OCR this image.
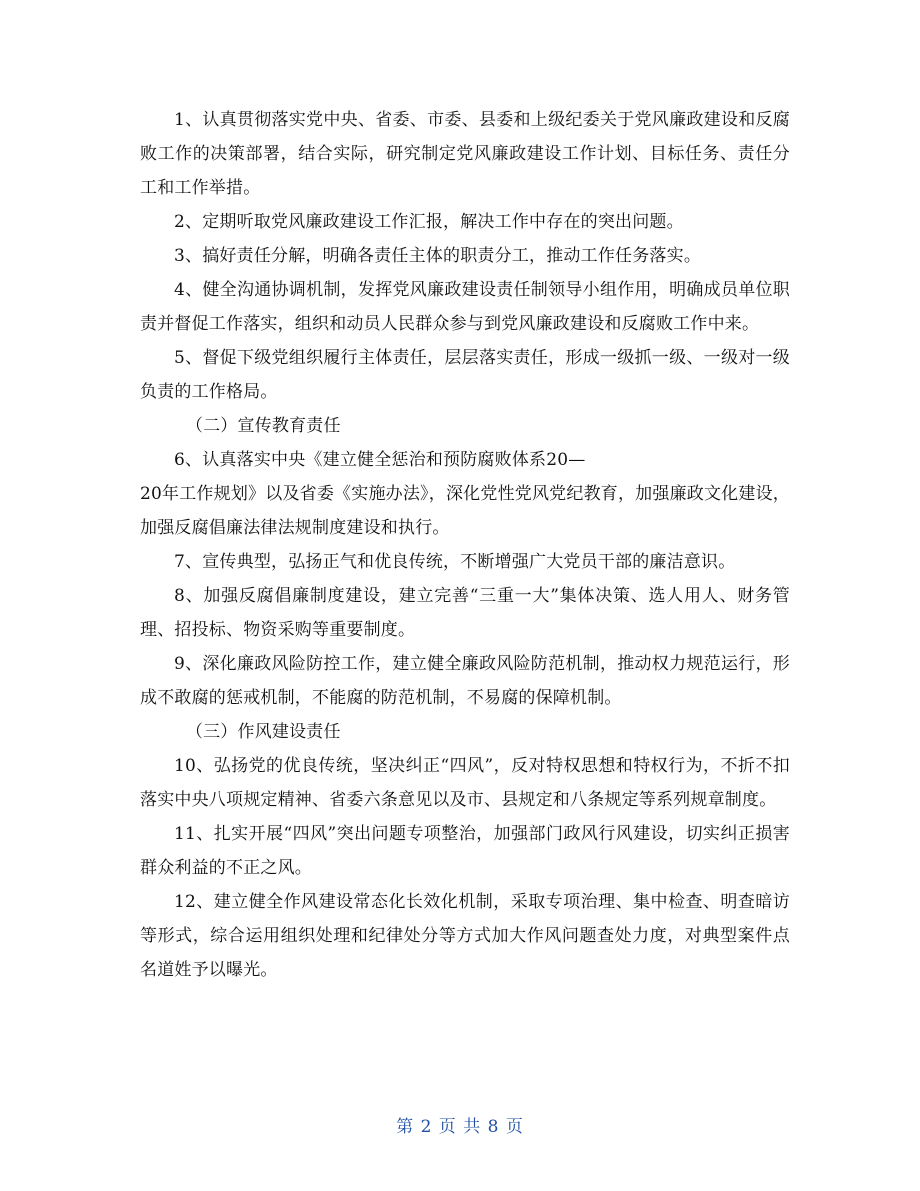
1、认真贯彻落实党中央、省委、市委、县委和上级纪委关于党风廉政建设和反腐败工作的决策部署，结合实际，研究制定党风廉政建设工作计划、目标任务、责任分工和工作举措。

2、定期听取党风廉政建设工作汇报，解决工作中存在的突出问题。

3、搞好责任分解，明确各责任主体的职责分工，推动工作任务落实。

4、健全沟通协调机制，发挥党风廉政建设责任制领导小组作用，明确成员单位职责并督促工作落实，组织和动员人民群众参与到党风廉政建设和反腐败工作中来。

5、督促下级党组织履行主体责任，层层落实责任，形成一级抓一级、一级对一级负责的工作格局。

（二）宣传教育责任

6、认真落实中央《建立健全惩治和预防腐败体系20—

20年工作规划》以及省委《实施办法》，深化党性党风党纪教育，加强廉政文化建设，加强反腐倡廉法律法规制度建设和执行。

7、宣传典型，弘扬正气和优良传统，不断增强广大党员干部的廉洁意识。

8、加强反腐倡廉制度建设，建立完善“三重一大”集体决策、选人用人、财务管理、招投标、物资采购等重要制度。

9、深化廉政风险防控工作，建立健全廉政风险防范机制，推动权力规范运行，形成不敢腐的惩戒机制，不能腐的防范机制，不易腐的保障机制。

（三）作风建设责任

10、弘扬党的优良传统，坚决纠正“四风”，反对特权思想和特权行为，不折不扣落实中央八项规定精神、省委六条意见以及市、县规定和八条规定等系列规章制度。

11、扎实开展“四风”突出问题专项整治，加强部门政风行风建设，切实纠正损害群众利益的不正之风。

12、建立健全作风建设常态化长效化机制，采取专项治理、集中检查、明查暗访等形式，综合运用组织处理和纪律处分等方式加大作风问题查处力度，对典型案件点名道姓予以曝光。

第 2 页 共 8 页
